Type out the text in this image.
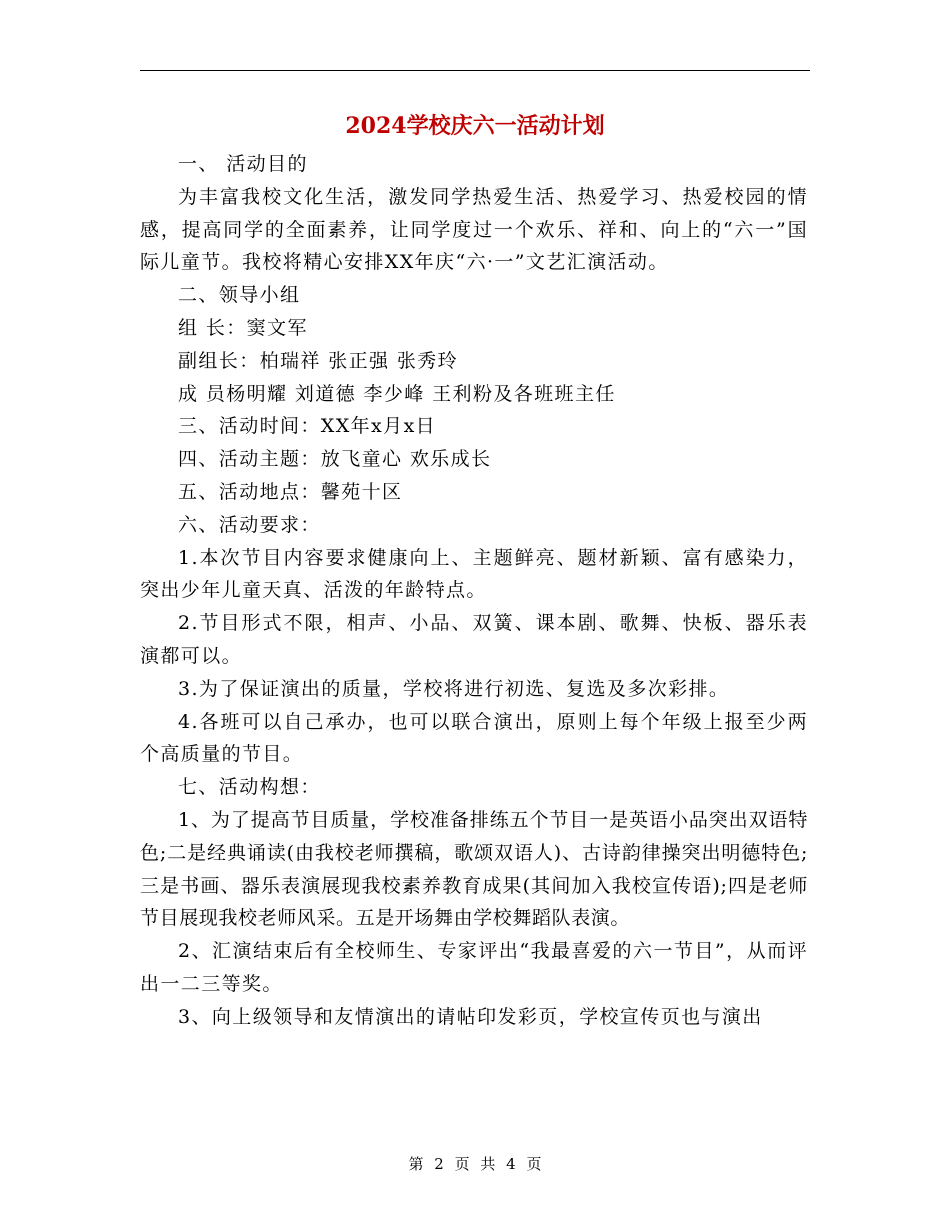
2024学校庆六一活动计划

一、 活动目的

为丰富我校文化生活，激发同学热爱生活、热爱学习、热爱校园的情感，提高同学的全面素养，让同学度过一个欢乐、祥和、向上的“六一”国际儿童节。我校将精心安排XX年庆“六·一”文艺汇演活动。

二、领导小组

组 长：窦文军

副组长：柏瑞祥 张正强 张秀玲

成 员杨明耀 刘道德 李少峰 王利粉及各班班主任

三、活动时间：XX年x月x日

四、活动主题：放飞童心 欢乐成长

五、活动地点：馨苑十区

六、活动要求：

1.本次节目内容要求健康向上、主题鲜亮、题材新颖、富有感染力，突出少年儿童天真、活泼的年龄特点。

2.节目形式不限，相声、小品、双簧、课本剧、歌舞、快板、器乐表演都可以。

3.为了保证演出的质量，学校将进行初选、复选及多次彩排。

4.各班可以自己承办，也可以联合演出，原则上每个年级上报至少两个高质量的节目。

七、活动构想：

1、为了提高节目质量，学校准备排练五个节目一是英语小品突出双语特色;二是经典诵读(由我校老师撰稿，歌颂双语人)、古诗韵律操突出明德特色;三是书画、器乐表演展现我校素养教育成果(其间加入我校宣传语);四是老师节目展现我校老师风采。五是开场舞由学校舞蹈队表演。

2、汇演结束后有全校师生、专家评出“我最喜爱的六一节目”，从而评出一二三等奖。

3、向上级领导和友情演出的请帖印发彩页，学校宣传页也与演出

第 2 页 共 4 页
